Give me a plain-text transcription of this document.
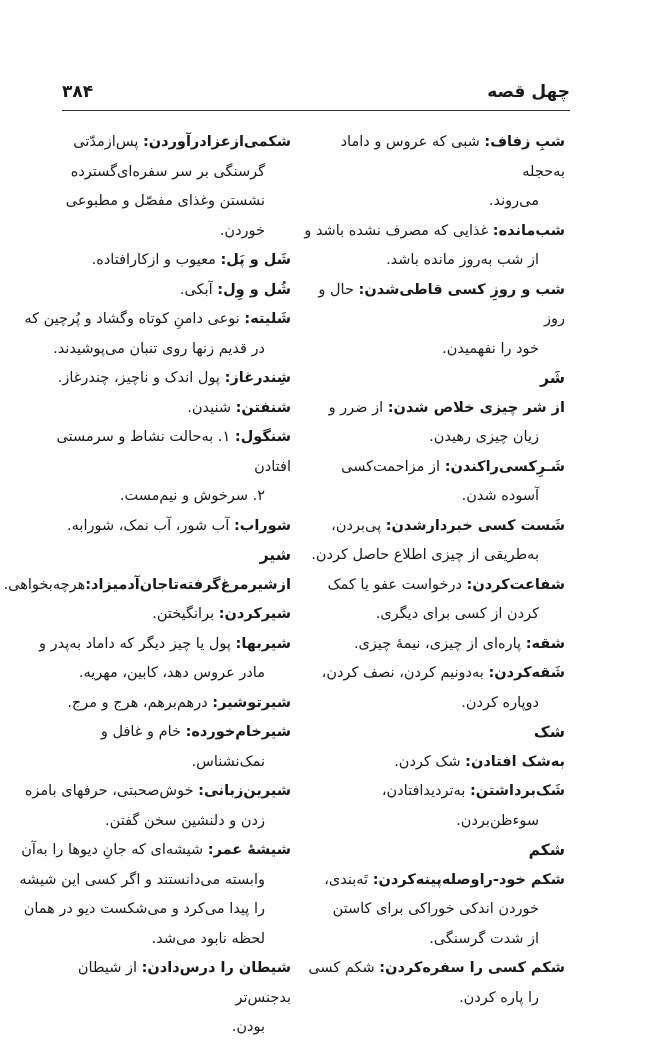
۳۸۴	چهل قصه

شبِ زفاف: شبی که عروس و داماد به‌حجله

می‌روند.

شب‌مانده: غذایی که مصرف نشده باشد و

از شب به‌روز مانده باشد.

شب و روزِ کسی قاطی‌شدن: حال و روز

خود را نفهمیدن.

شَر

از شر چیزی خلاص شدن: از ضرر و

زیان چیزی رهیدن.

شَـرِکسی‌راکندن: از مزاحمت‌کسی

آسوده شدن.

شَست کسی خبردارشدن: پی‌بردن،

به‌طریقی از چیزی اطلاع حاصل کردن.

شفاعت‌کردن: درخواست عفو یا کمک

کردن از کسی برای دیگری.

شقه: پاره‌ای از چیزی، نیمهٔ چیزی.

شَقه‌کردن: به‌دونیم کردن، نصف کردن،

دوپاره کردن.

شک

به‌شک افتادن: شک کردن.

شَک‌برداشتن: به‌تردیدافتادن،

سوءظن‌بردن.

شکم

شکم خود-راوصله‌پینه‌کردن: تَه‌بندی،

خوردن اندکی خوراکی برای کاستن

از شدت گرسنگی.

شکم کسی را سفره‌کردن: شکم کسی

را پاره کردن.

شکمی‌ازعزادرآوردن: پس‌ازمدّتی

گرسنگی بر سر سفره‌ای‌گسترده

نشستن وغذای مفصّل و مطبوعی

خوردن.

شَل و پَل: معیوب و ازکارافتاده.

شُل و وِل: آبکی.

شَلیته: نوعی دامنِ کوتاه وگشاد و پُرچین که

در قدیم زنها روی تنبان می‌پوشیدند.

شِندرغاز: پول اندک و ناچیز، چندرغاز.

شنفتن: شنیدن.

شنگول: ۱. به‌حالت نشاط و سرمستی افتادن

۲. سرخوش و نیم‌مست.

شوراب: آب شور، آب نمک، شورابه.

شیر

ازشیرمرغ‌گرفته‌تاجان‌آدمیزاد:هرچه‌بخواهی.

شیرکردن: برانگیختن.

شیربها: پول یا چیز دیگر که داماد به‌پدر و

مادر عروس دهد، کابین، مهریه.

شیرتوشیر: درهم‌برهم، هرج و مرج.

شیرخام‌خورده: خام و غافل و

نمک‌نشناس.

شیرین‌زبانی: خوش‌صحبتی، حرفهای بامزه

زدن و دلنشین سخن گفتن.

شیشهٔ عمر: شیشه‌ای که جانِ دیوها را به‌آن

وابسته می‌دانستند و اگر کسی این شیشه

را پیدا می‌کرد و می‌شکست دیو در همان

لحظه نابود می‌شد.

شیطان را درس‌دادن: از شیطان بدجنس‌تر

بودن.
